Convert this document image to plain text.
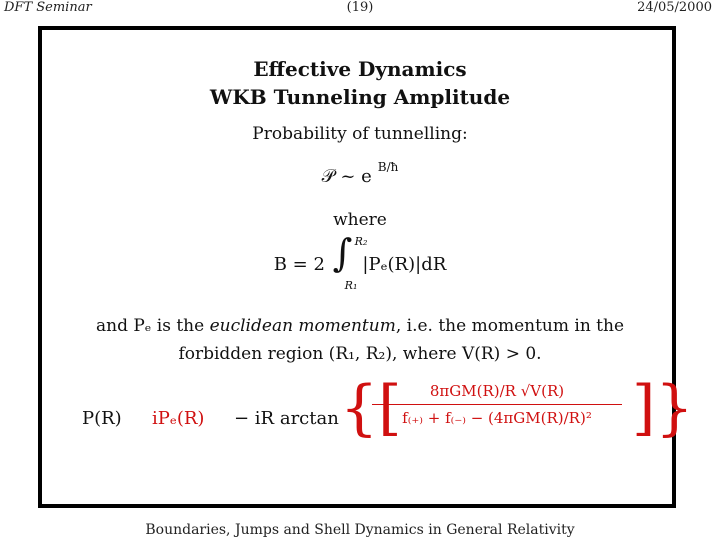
DFT Seminar	(19)	24/05/2000
Effective Dynamics
WKB Tunneling Amplitude
Probability of tunnelling:
𝒫 ~ e $^{B/ħ}$
where
B = 2 ∫ R₂
R₁
|Pₑ(R)|dR
and Pₑ is the euclidean momentum, i.e. the momentum in the forbidden region (R₁, R₂), where V(R) > 0.
P(R) iPₑ(R) − iR arctan {[	8πGM(R)/R √V(R)
f₍₊₎ + f₍₋₎ − (4πGM(R)/R)² ]}
Boundaries, Jumps and Shell Dynamics in General Relativity
